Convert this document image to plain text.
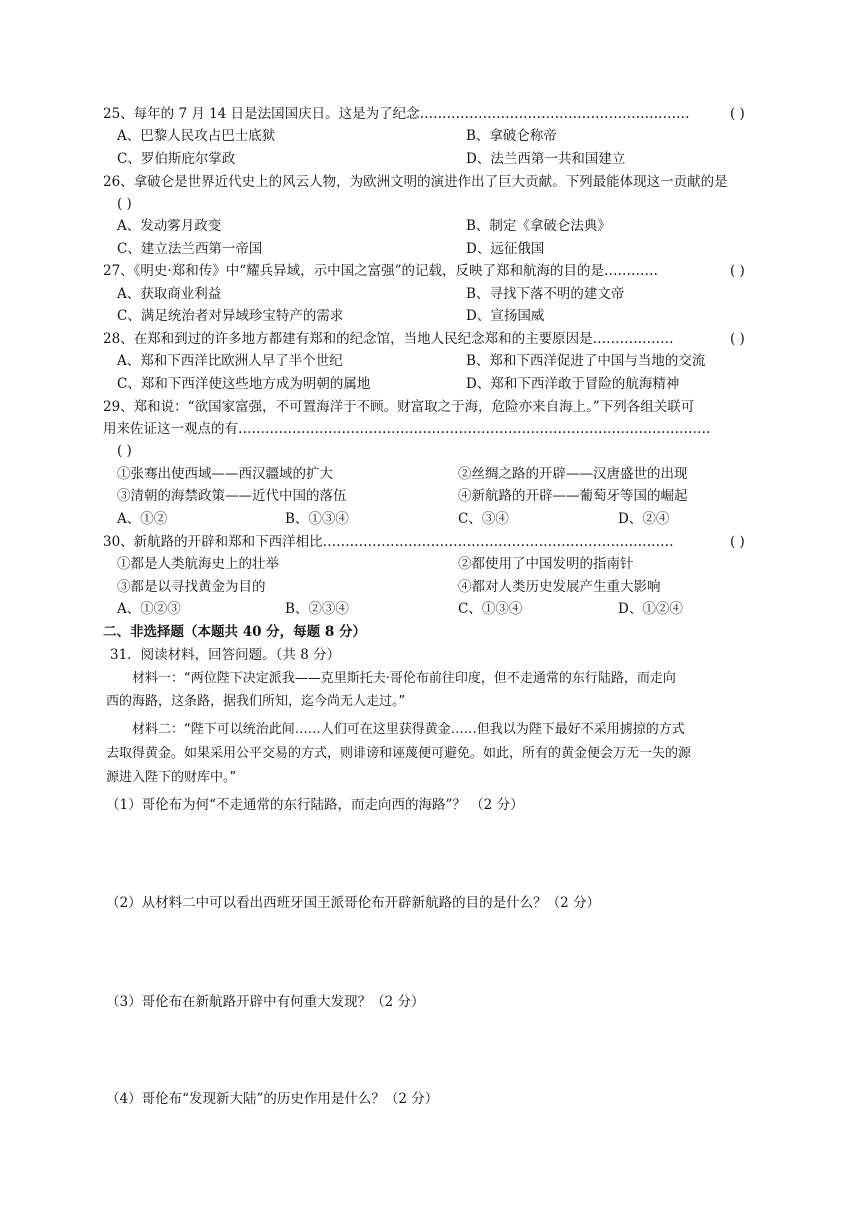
25、每年的 7 月 14 日是法国国庆日。这是为了纪念……………………………………………………	( )
A、巴黎人民攻占巴士底狱	B、拿破仑称帝
C、罗伯斯庇尔掌政	D、法兰西第一共和国建立
26、拿破仑是世界近代史上的风云人物，为欧洲文明的演进作出了巨大贡献。下列最能体现这一贡献的是
( )
A、发动雾月政变	B、制定《拿破仑法典》
C、建立法兰西第一帝国	D、远征俄国
27、《明史·郑和传》中“耀兵异域，示中国之富强”的记载，反映了郑和航海的目的是…………	( )
A、获取商业利益	B、寻找下落不明的建文帝
C、满足统治者对异域珍宝特产的需求	D、宣扬国威
28、在郑和到过的许多地方都建有郑和的纪念馆，当地人民纪念郑和的主要原因是………………	( )
A、郑和下西洋比欧洲人早了半个世纪	B、郑和下西洋促进了中国与当地的交流
C、郑和下西洋使这些地方成为明朝的属地	D、郑和下西洋敢于冒险的航海精神
29、郑和说：“欲国家富强，不可置海洋于不顾。财富取之于海，危险亦来自海上。”下列各组关联可
用来佐证这一观点的有……………………………………………………………………………………………
( )
①张骞出使西域——西汉疆域的扩大	②丝绸之路的开辟——汉唐盛世的出现
③清朝的海禁政策——近代中国的落伍	④新航路的开辟——葡萄牙等国的崛起
A、①②	B、①③④	C、③④	D、②④
30、新航路的开辟和郑和下西洋相比……………………………………………………………………	( )
①都是人类航海史上的壮举	②都使用了中国发明的指南针
③都是以寻找黄金为目的	④都对人类历史发展产生重大影响
A、①②③	B、②③④	C、①③④	D、①②④
二、非选择题（本题共 40 分，每题 8 分）
31．阅读材料，回答问题。（共 8 分）
材料一：“两位陛下决定派我——克里斯托夫·哥伦布前往印度，但不走通常的东行陆路，而走向
西的海路，这条路，据我们所知，迄今尚无人走过。”
材料二：“陛下可以统治此间……人们可在这里获得黄金……但我以为陛下最好不采用掳掠的方式
去取得黄金。如果采用公平交易的方式，则诽谤和诬蔑便可避免。如此，所有的黄金便会万无一失的源
源进入陛下的财库中。”
（1）哥伦布为何“不走通常的东行陆路，而走向西的海路”？ （2 分）
（2）从材料二中可以看出西班牙国王派哥伦布开辟新航路的目的是什么？（2 分）
（3）哥伦布在新航路开辟中有何重大发现？（2 分）
（4）哥伦布“发现新大陆”的历史作用是什么？（2 分）
